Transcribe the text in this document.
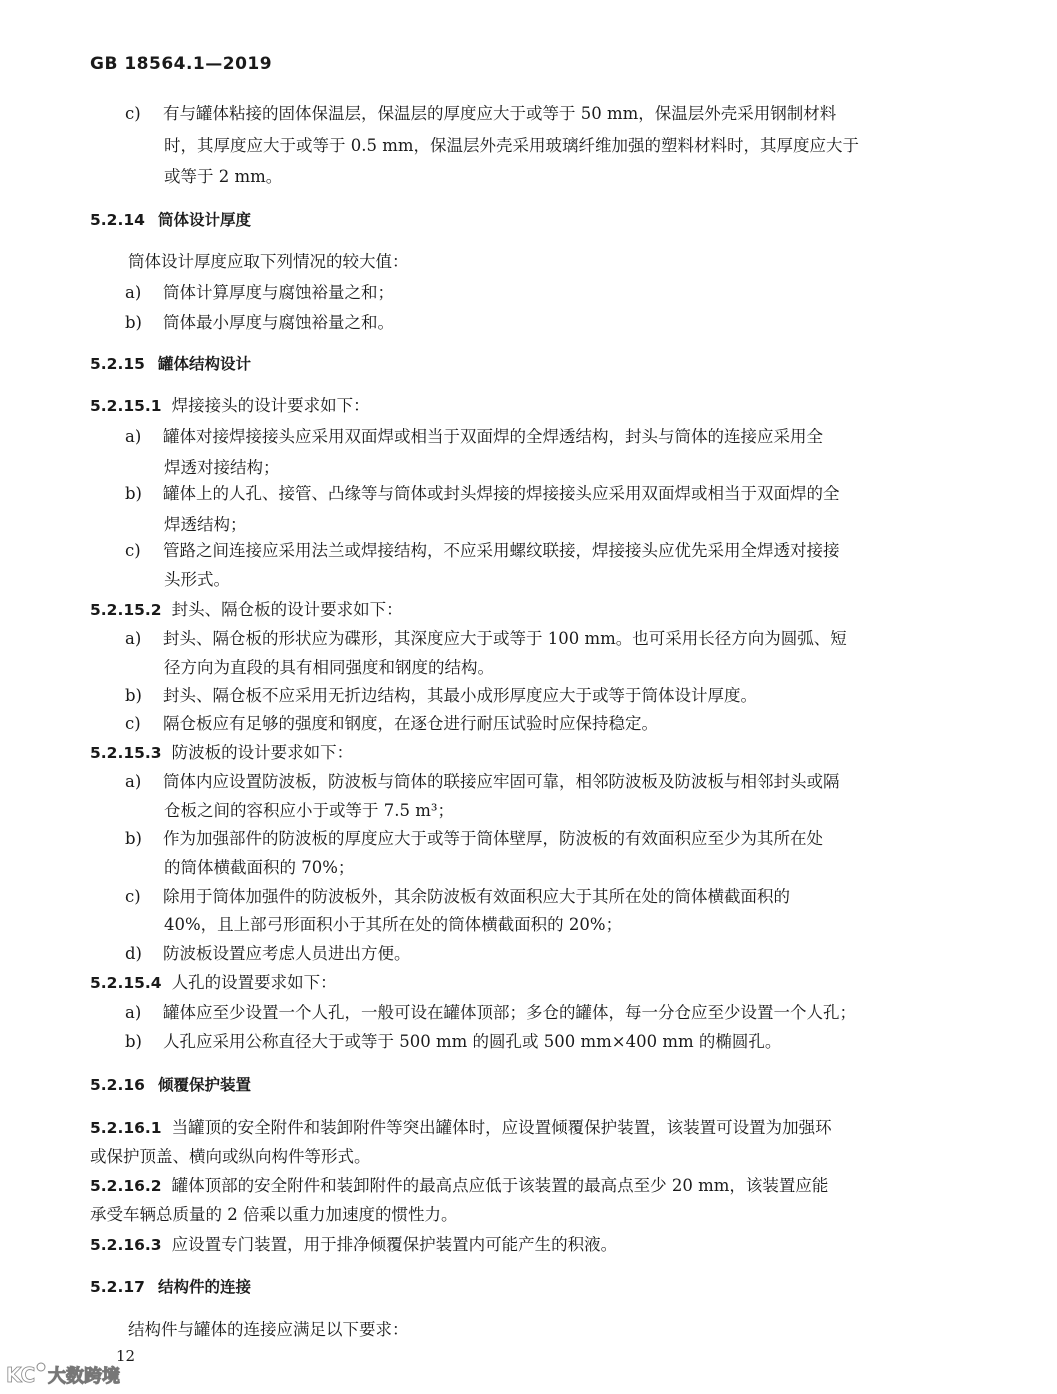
GB 18564.1—2019
c) 有与罐体粘接的固体保温层，保温层的厚度应大于或等于 50 mm，保温层外壳采用钢制材料
时，其厚度应大于或等于 0.5 mm，保温层外壳采用玻璃纤维加强的塑料材料时，其厚度应大于
或等于 2 mm。
5.2.14 筒体设计厚度
筒体设计厚度应取下列情况的较大值：
a) 筒体计算厚度与腐蚀裕量之和；
b) 筒体最小厚度与腐蚀裕量之和。
5.2.15 罐体结构设计
5.2.15.1 焊接接头的设计要求如下：
a) 罐体对接焊接接头应采用双面焊或相当于双面焊的全焊透结构，封头与筒体的连接应采用全
焊透对接结构；
b) 罐体上的人孔、接管、凸缘等与筒体或封头焊接的焊接接头应采用双面焊或相当于双面焊的全
焊透结构；
c) 管路之间连接应采用法兰或焊接结构，不应采用螺纹联接，焊接接头应优先采用全焊透对接接
头形式。
5.2.15.2 封头、隔仓板的设计要求如下：
a) 封头、隔仓板的形状应为碟形，其深度应大于或等于 100 mm。也可采用长径方向为圆弧、短
径方向为直段的具有相同强度和钢度的结构。
b) 封头、隔仓板不应采用无折边结构，其最小成形厚度应大于或等于筒体设计厚度。
c) 隔仓板应有足够的强度和钢度，在逐仓进行耐压试验时应保持稳定。
5.2.15.3 防波板的设计要求如下：
a) 筒体内应设置防波板，防波板与筒体的联接应牢固可靠，相邻防波板及防波板与相邻封头或隔
仓板之间的容积应小于或等于 7.5 m³；
b) 作为加强部件的防波板的厚度应大于或等于筒体壁厚，防波板的有效面积应至少为其所在处
的筒体横截面积的 70%；
c) 除用于筒体加强件的防波板外，其余防波板有效面积应大于其所在处的筒体横截面积的
40%，且上部弓形面积小于其所在处的筒体横截面积的 20%；
d) 防波板设置应考虑人员进出方便。
5.2.15.4 人孔的设置要求如下：
a) 罐体应至少设置一个人孔，一般可设在罐体顶部；多仓的罐体，每一分仓应至少设置一个人孔；
b) 人孔应采用公称直径大于或等于 500 mm 的圆孔或 500 mm×400 mm 的椭圆孔。
5.2.16 倾覆保护装置
5.2.16.1 当罐顶的安全附件和装卸附件等突出罐体时，应设置倾覆保护装置，该装置可设置为加强环
或保护顶盖、横向或纵向构件等形式。
5.2.16.2 罐体顶部的安全附件和装卸附件的最高点应低于该装置的最高点至少 20 mm，该装置应能
承受车辆总质量的 2 倍乘以重力加速度的惯性力。
5.2.16.3 应设置专门装置，用于排净倾覆保护装置内可能产生的积液。
5.2.17 结构件的连接
结构件与罐体的连接应满足以下要求：
12
KC 大数跨境
